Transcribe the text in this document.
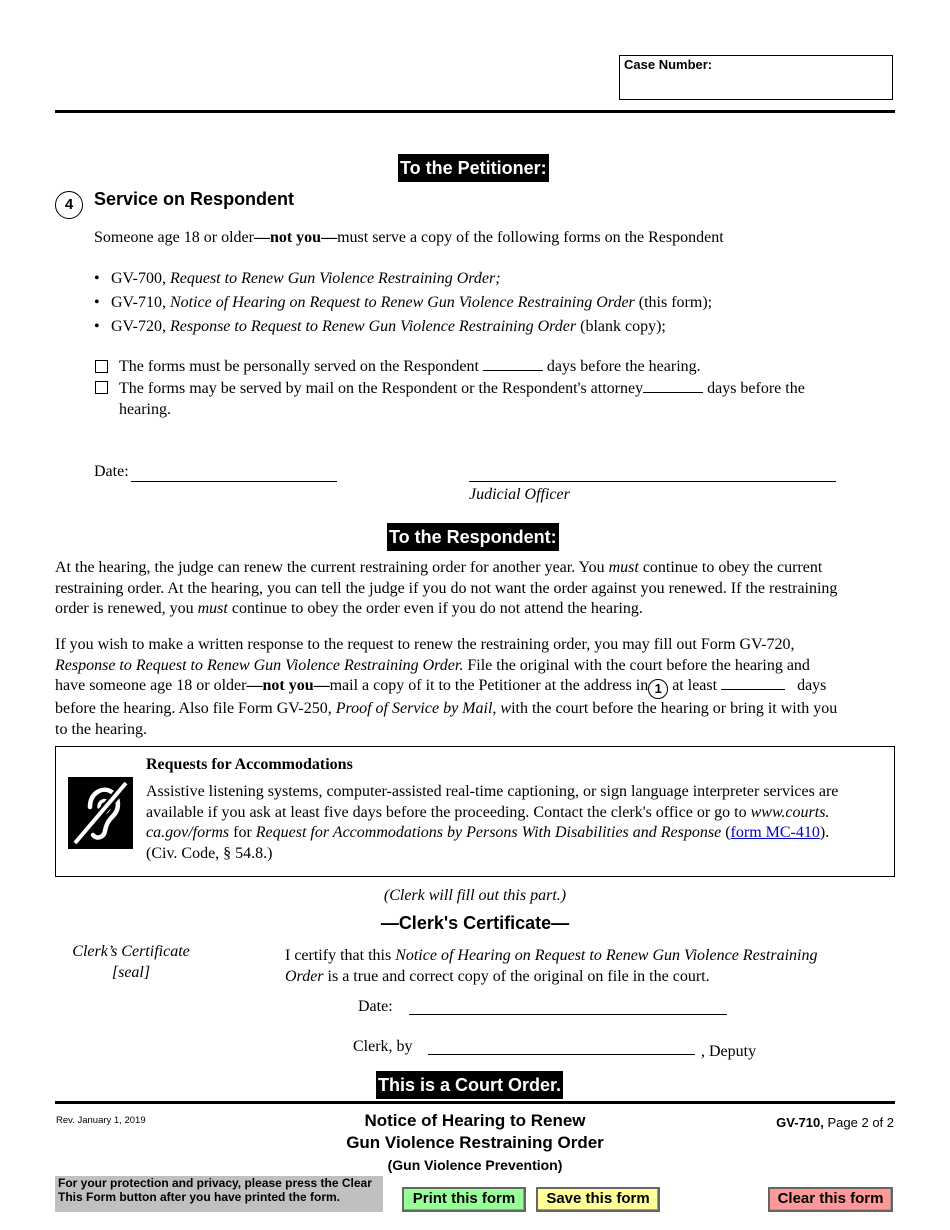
Case Number:
To the Petitioner:
4	Service on Respondent
Someone age 18 or older—not you—must serve a copy of the following forms on the Respondent
• GV-700, Request to Renew Gun Violence Restraining Order;
• GV-710, Notice of Hearing on Request to Renew Gun Violence Restraining Order (this form);
• GV-720, Response to Request to Renew Gun Violence Restraining Order (blank copy);
The forms must be personally served on the Respondent	days before the hearing.
The forms may be served by mail on the Respondent or the Respondent's attorney	days before the
hearing.
Date:
Judicial Officer
To the Respondent:
At the hearing, the judge can renew the current restraining order for another year. You must continue to obey the current
restraining order. At the hearing, you can tell the judge if you do not want the order against you renewed. If the restraining
order is renewed, you must continue to obey the order even if you do not attend the hearing.
If you wish to make a written response to the request to renew the restraining order, you may fill out Form GV-720,
Response to Request to Renew Gun Violence Restraining Order. File the original with the court before the hearing and
have someone age 18 or older—not you—mail a copy of it to the Petitioner at the address in 1 at least	days
before the hearing. Also file Form GV-250, Proof of Service by Mail, with the court before the hearing or bring it with you
to the hearing.
Requests for Accommodations
Assistive listening systems, computer-assisted real-time captioning, or sign language interpreter services are
available if you ask at least five days before the proceeding. Contact the clerk's office or go to www.courts.
ca.gov/forms for Request for Accommodations by Persons With Disabilities and Response (form MC-410).
(Civ. Code, § 54.8.)
(Clerk will fill out this part.)
—Clerk's Certificate—
Clerk’s Certificate
[seal]
I certify that this Notice of Hearing on Request to Renew Gun Violence Restraining
Order is a true and correct copy of the original on file in the court.
Date:
Clerk, by	, Deputy
This is a Court Order.
Rev. January 1, 2019	Notice of Hearing to Renew
Gun Violence Restraining Order
(Gun Violence Prevention)
GV-710, Page 2 of 2
For your protection and privacy, please press the Clear This Form button after you have printed the form.	Print this form	Save this form	Clear this form
